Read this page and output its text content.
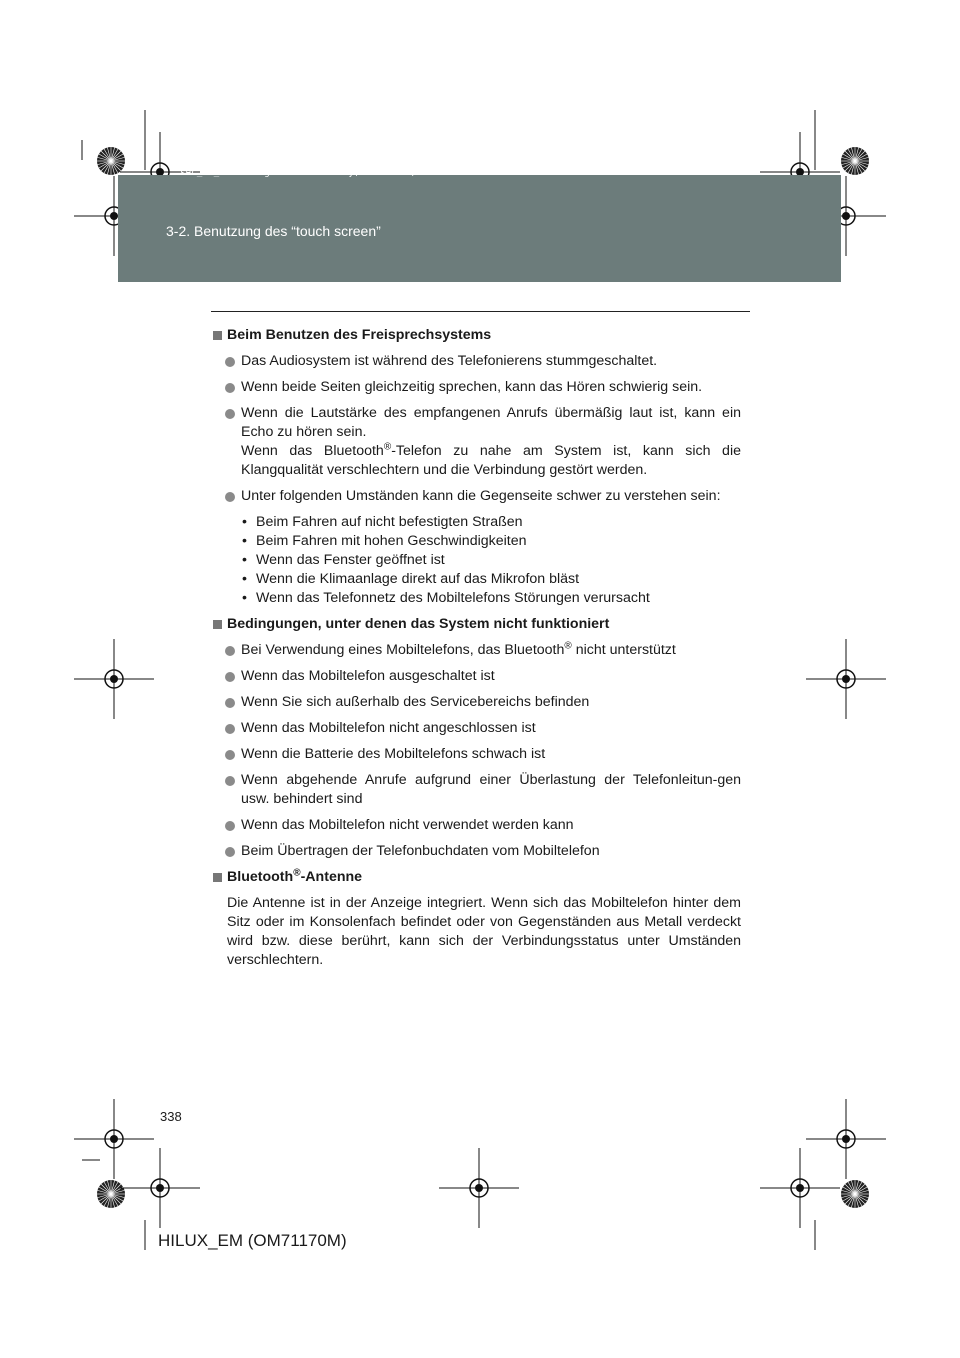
3-2. Benutzung des “touch screen”
sec_03_02.fm Page 338 Wednesday, March 30, 2011 6:43 PM
Beim Benutzen des Freisprechsystems
Das Audiosystem ist während des Telefonierens stummgeschaltet.
Wenn beide Seiten gleichzeitig sprechen, kann das Hören schwierig sein.
Wenn die Lautstärke des empfangenen Anrufs übermäßig laut ist, kann ein Echo zu hören sein.
Wenn das Bluetooth®-Telefon zu nahe am System ist, kann sich die Klangqualität verschlechtern und die Verbindung gestört werden.
Unter folgenden Umständen kann die Gegenseite schwer zu verstehen sein:
• Beim Fahren auf nicht befestigten Straßen
• Beim Fahren mit hohen Geschwindigkeiten
• Wenn das Fenster geöffnet ist
• Wenn die Klimaanlage direkt auf das Mikrofon bläst
• Wenn das Telefonnetz des Mobiltelefons Störungen verursacht
Bedingungen, unter denen das System nicht funktioniert
Bei Verwendung eines Mobiltelefons, das Bluetooth® nicht unterstützt
Wenn das Mobiltelefon ausgeschaltet ist
Wenn Sie sich außerhalb des Servicebereichs befinden
Wenn das Mobiltelefon nicht angeschlossen ist
Wenn die Batterie des Mobiltelefons schwach ist
Wenn abgehende Anrufe aufgrund einer Überlastung der Telefonleitun-gen usw. behindert sind
Wenn das Mobiltelefon nicht verwendet werden kann
Beim Übertragen der Telefonbuchdaten vom Mobiltelefon
Bluetooth®-Antenne
Die Antenne ist in der Anzeige integriert. Wenn sich das Mobiltelefon hinter dem Sitz oder im Konsolenfach befindet oder von Gegenständen aus Metall verdeckt wird bzw. diese berührt, kann sich der Verbindungsstatus unter Umständen verschlechtern.
338
HILUX_EM (OM71170M)
